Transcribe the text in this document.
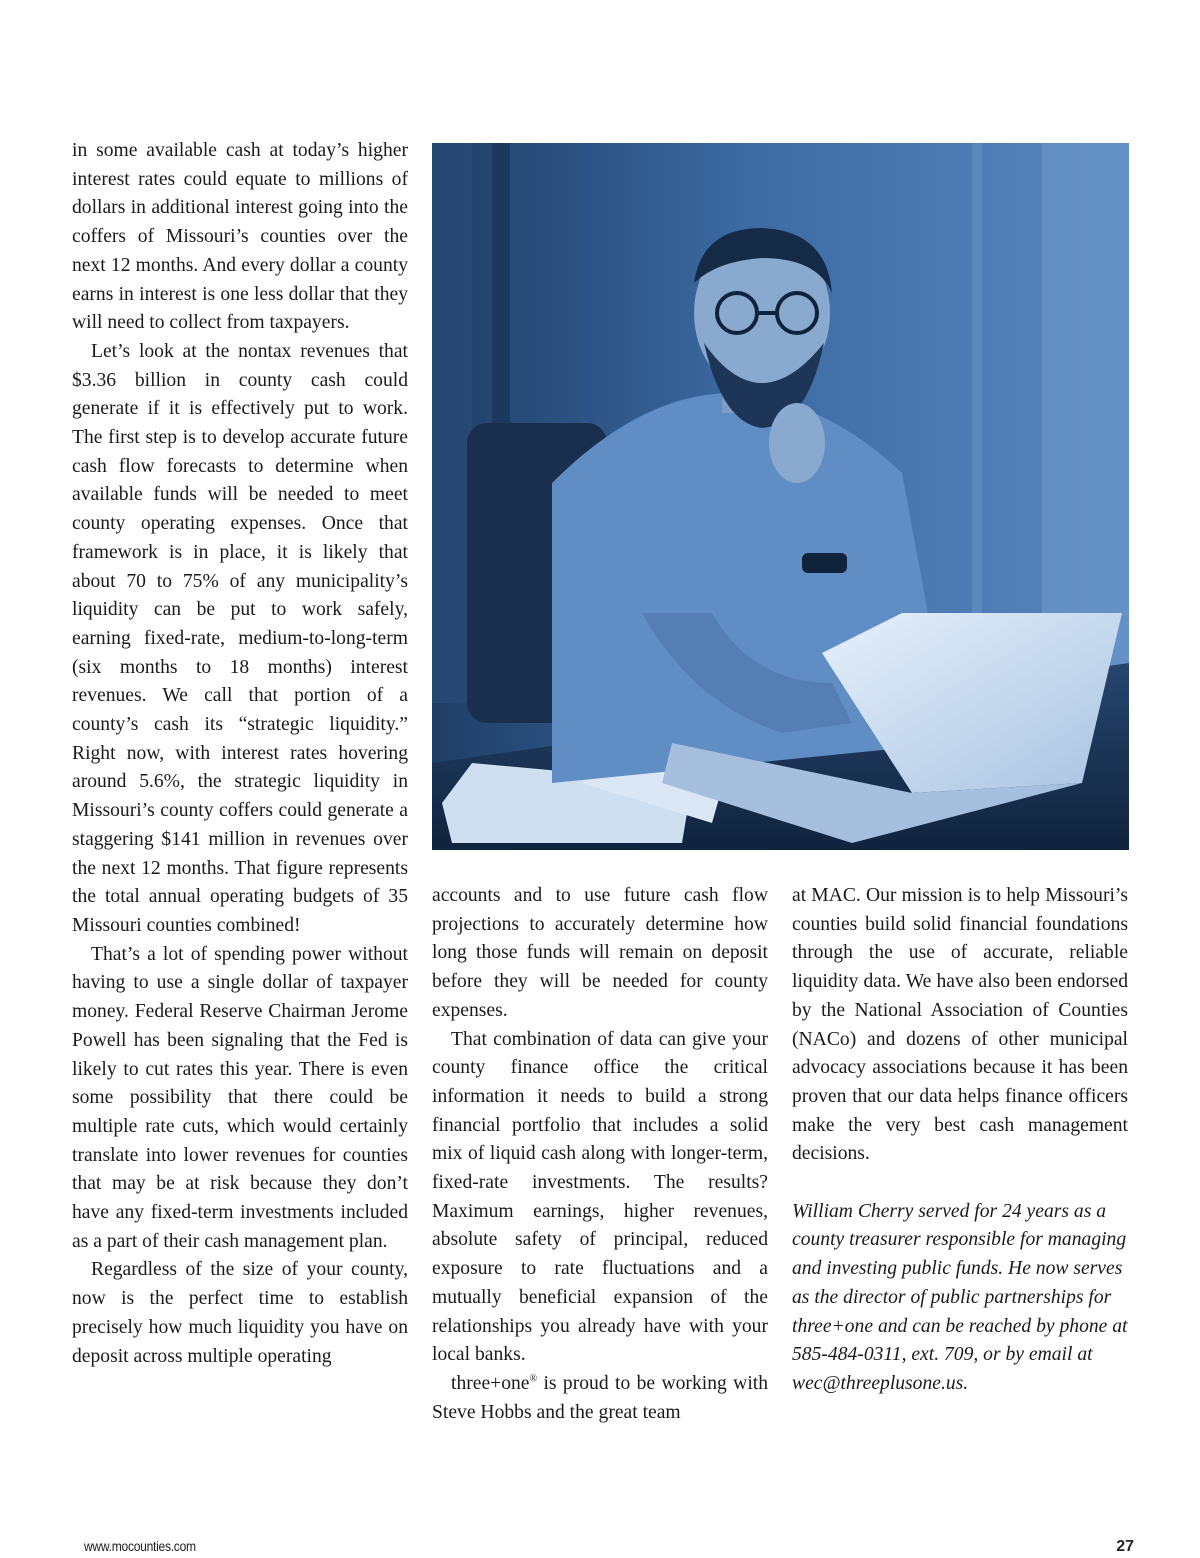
in some available cash at today’s higher interest rates could equate to millions of dollars in additional interest going into the coffers of Missouri’s counties over the next 12 months. And every dollar a county earns in interest is one less dollar that they will need to collect from taxpayers.

Let’s look at the nontax revenues that $3.36 billion in county cash could generate if it is effectively put to work. The first step is to develop accurate future cash flow forecasts to determine when available funds will be needed to meet county operating expenses. Once that framework is in place, it is likely that about 70 to 75% of any municipality’s liquidity can be put to work safely, earning fixed-rate, medium-to-long-term (six months to 18 months) interest revenues. We call that portion of a county’s cash its “strategic liquidity.” Right now, with interest rates hovering around 5.6%, the strategic liquidity in Missouri’s county coffers could generate a staggering $141 million in revenues over the next 12 months. That figure represents the total annual operating budgets of 35 Missouri counties combined!

That’s a lot of spending power without having to use a single dollar of taxpayer money. Federal Reserve Chairman Jerome Powell has been signaling that the Fed is likely to cut rates this year. There is even some possibility that there could be multiple rate cuts, which would certainly translate into lower revenues for counties that may be at risk because they don’t have any fixed-term investments included as a part of their cash management plan.

Regardless of the size of your county, now is the perfect time to establish precisely how much liquidity you have on deposit across multiple operating

accounts and to use future cash flow projections to accurately determine how long those funds will remain on deposit before they will be needed for county expenses.

That combination of data can give your county finance office the critical information it needs to build a strong financial portfolio that includes a solid mix of liquid cash along with longer-term, fixed-rate investments. The results? Maximum earnings, higher revenues, absolute safety of principal, reduced exposure to rate fluctuations and a mutually beneficial expansion of the relationships you already have with your local banks.

three+one® is proud to be working with Steve Hobbs and the great team

at MAC. Our mission is to help Missouri’s counties build solid financial foundations through the use of accurate, reliable liquidity data. We have also been endorsed by the National Association of Counties (NACo) and dozens of other municipal advocacy associations because it has been proven that our data helps finance officers make the very best cash management decisions.

William Cherry served for 24 years as a county treasurer responsible for managing and investing public funds. He now serves as the director of public partnerships for three+one and can be reached by phone at 585-484-0311, ext. 709, or by email at wec@threeplusone.us.

www.mocounties.com	27
